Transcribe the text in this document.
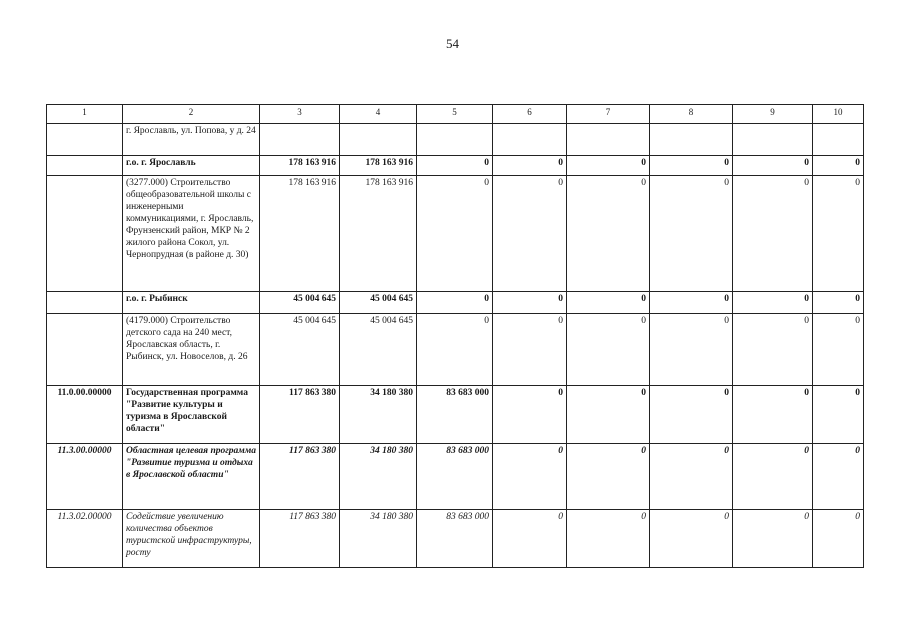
54
1	2	3	4	5	6	7	8	9	10
	г. Ярославль, ул. Попова, у д. 24								
	г.о. г. Ярославль	178 163 916	178 163 916	0	0	0	0	0	0
	(3277.000) Строительство общеобразовательной школы с инженерными коммуникациями, г. Ярославль, Фрунзенский район, МКР № 2 жилого района Сокол, ул. Чернопрудная (в районе д. 30)	178 163 916	178 163 916	0	0	0	0	0	0
	г.о. г. Рыбинск	45 004 645	45 004 645	0	0	0	0	0	0
	(4179.000) Строительство детского сада на 240 мест, Ярославская область, г. Рыбинск, ул. Новоселов, д. 26	45 004 645	45 004 645	0	0	0	0	0	0
11.0.00.00000	Государственная программа "Развитие культуры и туризма в Ярославской области"	117 863 380	34 180 380	83 683 000	0	0	0	0	0
11.3.00.00000	Областная целевая программа "Развитие туризма и отдыха в Ярославской области"	117 863 380	34 180 380	83 683 000	0	0	0	0	0
11.3.02.00000	Содействие увеличению количества объектов туристской инфраструктуры, росту	117 863 380	34 180 380	83 683 000	0	0	0	0	0
